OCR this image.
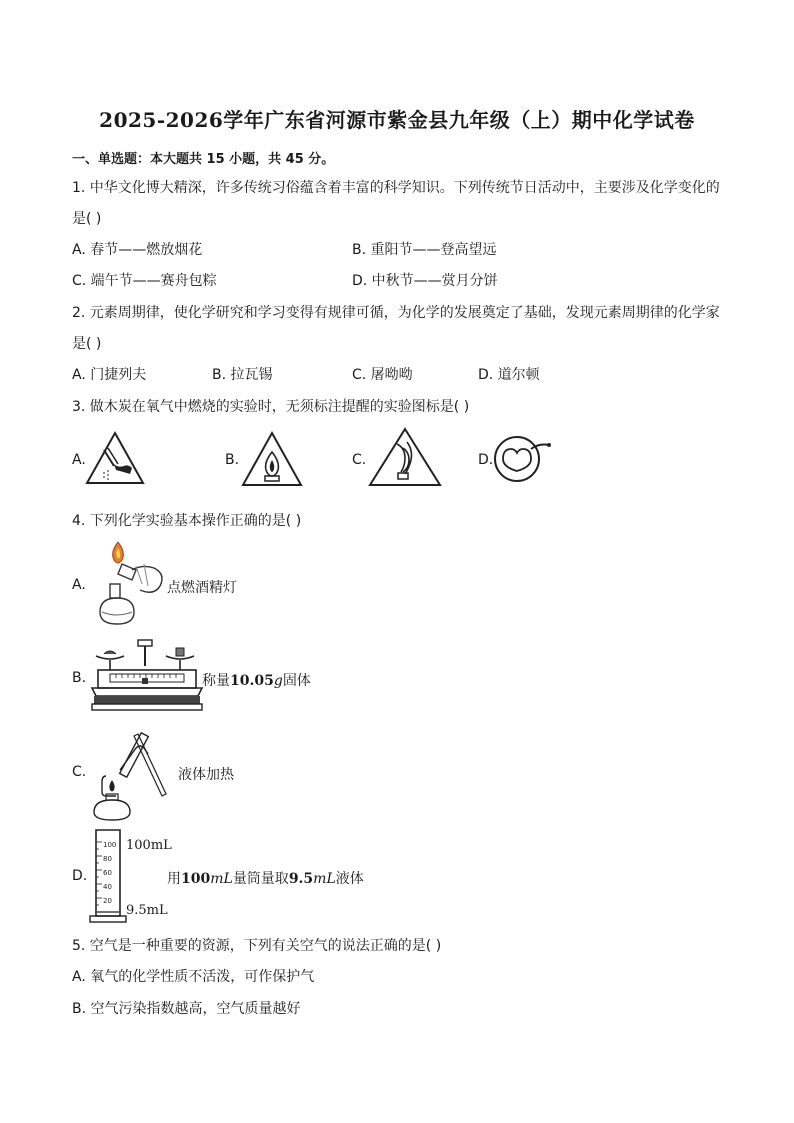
2025-2026学年广东省河源市紫金县九年级（上）期中化学试卷
一、单选题：本大题共 15 小题，共 45 分。
1. 中华文化博大精深，许多传统习俗蕴含着丰富的科学知识。下列传统节日活动中，主要涉及化学变化的
是( )
A. 春节——燃放烟花	B. 重阳节——登高望远
C. 端午节——赛舟包粽	D. 中秋节——赏月分饼
2. 元素周期律，使化学研究和学习变得有规律可循，为化学的发展奠定了基础，发现元素周期律的化学家
是( )
A. 门捷列夫	B. 拉瓦锡	C. 屠呦呦	D. 道尔顿
3. 做木炭在氧气中燃烧的实验时，无须标注提醒的实验图标是( )
A.	B.	C.	D.
4. 下列化学实验基本操作正确的是( )
A.	点燃酒精灯
B.	称量10.05g固体
C.	液体加热
D.
100
80
60
40
20
100mL
9.5mL
用100mL量筒量取9.5mL液体
5. 空气是一种重要的资源，下列有关空气的说法正确的是( )
A. 氧气的化学性质不活泼，可作保护气
B. 空气污染指数越高，空气质量越好
